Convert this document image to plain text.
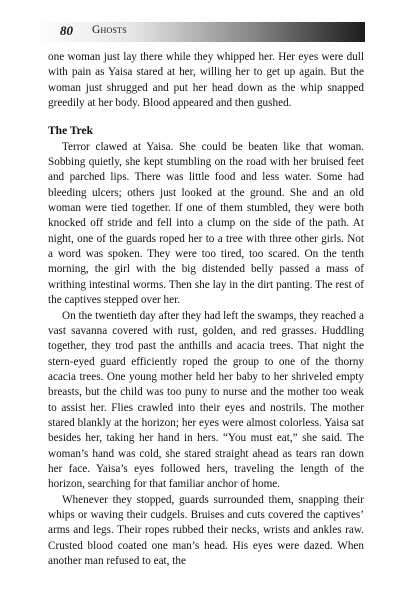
80 Ghosts

one woman just lay there while they whipped her. Her eyes were dull with pain as Yaisa stared at her, willing her to get up again. But the woman just shrugged and put her head down as the whip snapped greedily at her body. Blood appeared and then gushed.

The Trek

Terror clawed at Yaisa. She could be beaten like that woman. Sobbing quietly, she kept stumbling on the road with her bruised feet and parched lips. There was little food and less water. Some had bleeding ulcers; others just looked at the ground. She and an old woman were tied together. If one of them stumbled, they were both knocked off stride and fell into a clump on the side of the path. At night, one of the guards roped her to a tree with three other girls. Not a word was spoken. They were too tired, too scared. On the tenth morning, the girl with the big distended belly passed a mass of writhing intestinal worms. Then she lay in the dirt panting. The rest of the captives stepped over her.

On the twentieth day after they had left the swamps, they reached a vast savanna covered with rust, golden, and red grasses. Huddling together, they trod past the anthills and acacia trees. That night the stern-eyed guard efficiently roped the group to one of the thorny acacia trees. One young mother held her baby to her shriveled empty breasts, but the child was too puny to nurse and the mother too weak to assist her. Flies crawled into their eyes and nostrils. The mother stared blankly at the horizon; her eyes were almost colorless. Yaisa sat besides her, taking her hand in hers. “You must eat,” she said. The woman’s hand was cold, she stared straight ahead as tears ran down her face. Yaisa’s eyes followed hers, traveling the length of the horizon, searching for that familiar anchor of home.

Whenever they stopped, guards surrounded them, snapping their whips or waving their cudgels. Bruises and cuts covered the captives’ arms and legs. Their ropes rubbed their necks, wrists and ankles raw. Crusted blood coated one man’s head. His eyes were dazed. When another man refused to eat, the
